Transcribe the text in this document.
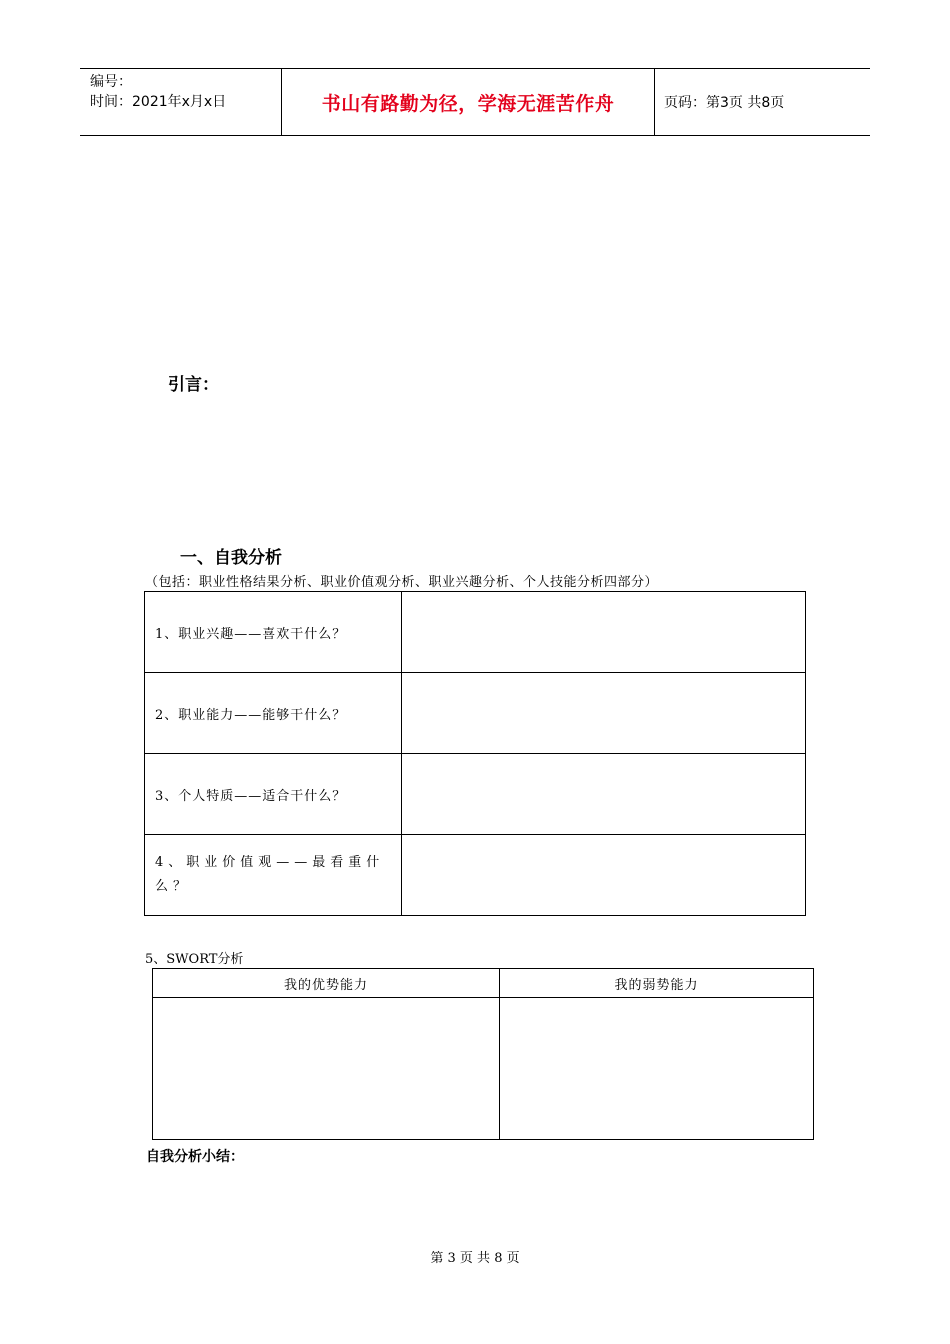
编号：
时间：2021年x月x日	书山有路勤为径，学海无涯苦作舟	页码：第3页 共8页
引言：
一、自我分析
（包括：职业性格结果分析、职业价值观分析、职业兴趣分析、个人技能分析四部分）
1、职业兴趣——喜欢干什么？	
2、职业能力——能够干什么？	
3、个人特质——适合干什么？	
4、职业价值观——最看重什么？	
5、SWORT分析
我的优势能力	我的弱势能力

自我分析小结：
第 3 页 共 8 页
